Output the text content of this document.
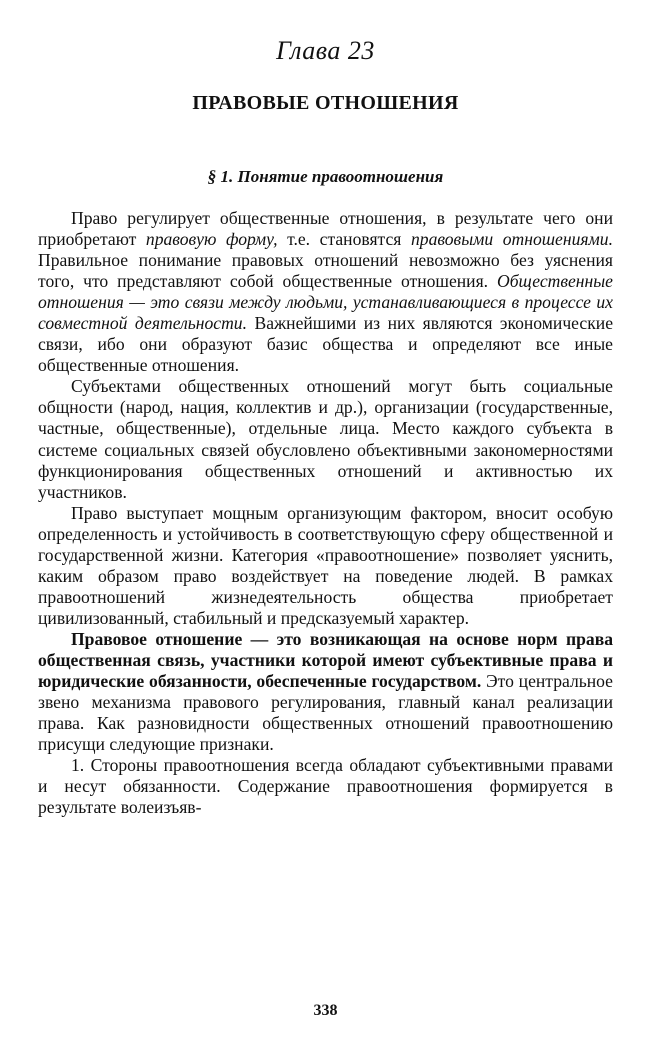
Глава 23
ПРАВОВЫЕ ОТНОШЕНИЯ
§ 1. Понятие правоотношения

Право регулирует общественные отношения, в результате чего они приобретают правовую форму, т.е. становятся правовыми отношениями. Правильное понимание правовых отношений невозможно без уяснения того, что представляют собой общественные отношения. Общественные отношения — это связи между людьми, устанавливающиеся в процессе их совместной деятельности. Важнейшими из них являются экономические связи, ибо они образуют базис общества и определяют все иные общественные отношения.

Субъектами общественных отношений могут быть социальные общности (народ, нация, коллектив и др.), организации (государственные, частные, общественные), отдельные лица. Место каждого субъекта в системе социальных связей обусловлено объективными закономерностями функционирования общественных отношений и активностью их участников.

Право выступает мощным организующим фактором, вносит особую определенность и устойчивость в соответствующую сферу общественной и государственной жизни. Категория «правоотношение» позволяет уяснить, каким образом право воздействует на поведение людей. В рамках правоотношений жизнедеятельность общества приобретает цивилизованный, стабильный и предсказуемый характер.

Правовое отношение — это возникающая на основе норм права общественная связь, участники которой имеют субъективные права и юридические обязанности, обеспеченные государством. Это центральное звено механизма правового регулирования, главный канал реализации права. Как разновидности общественных отношений правоотношению присущи следующие признаки.

1. Стороны правоотношения всегда обладают субъективными правами и несут обязанности. Содержание правоотношения формируется в результате волеизъяв-

338
